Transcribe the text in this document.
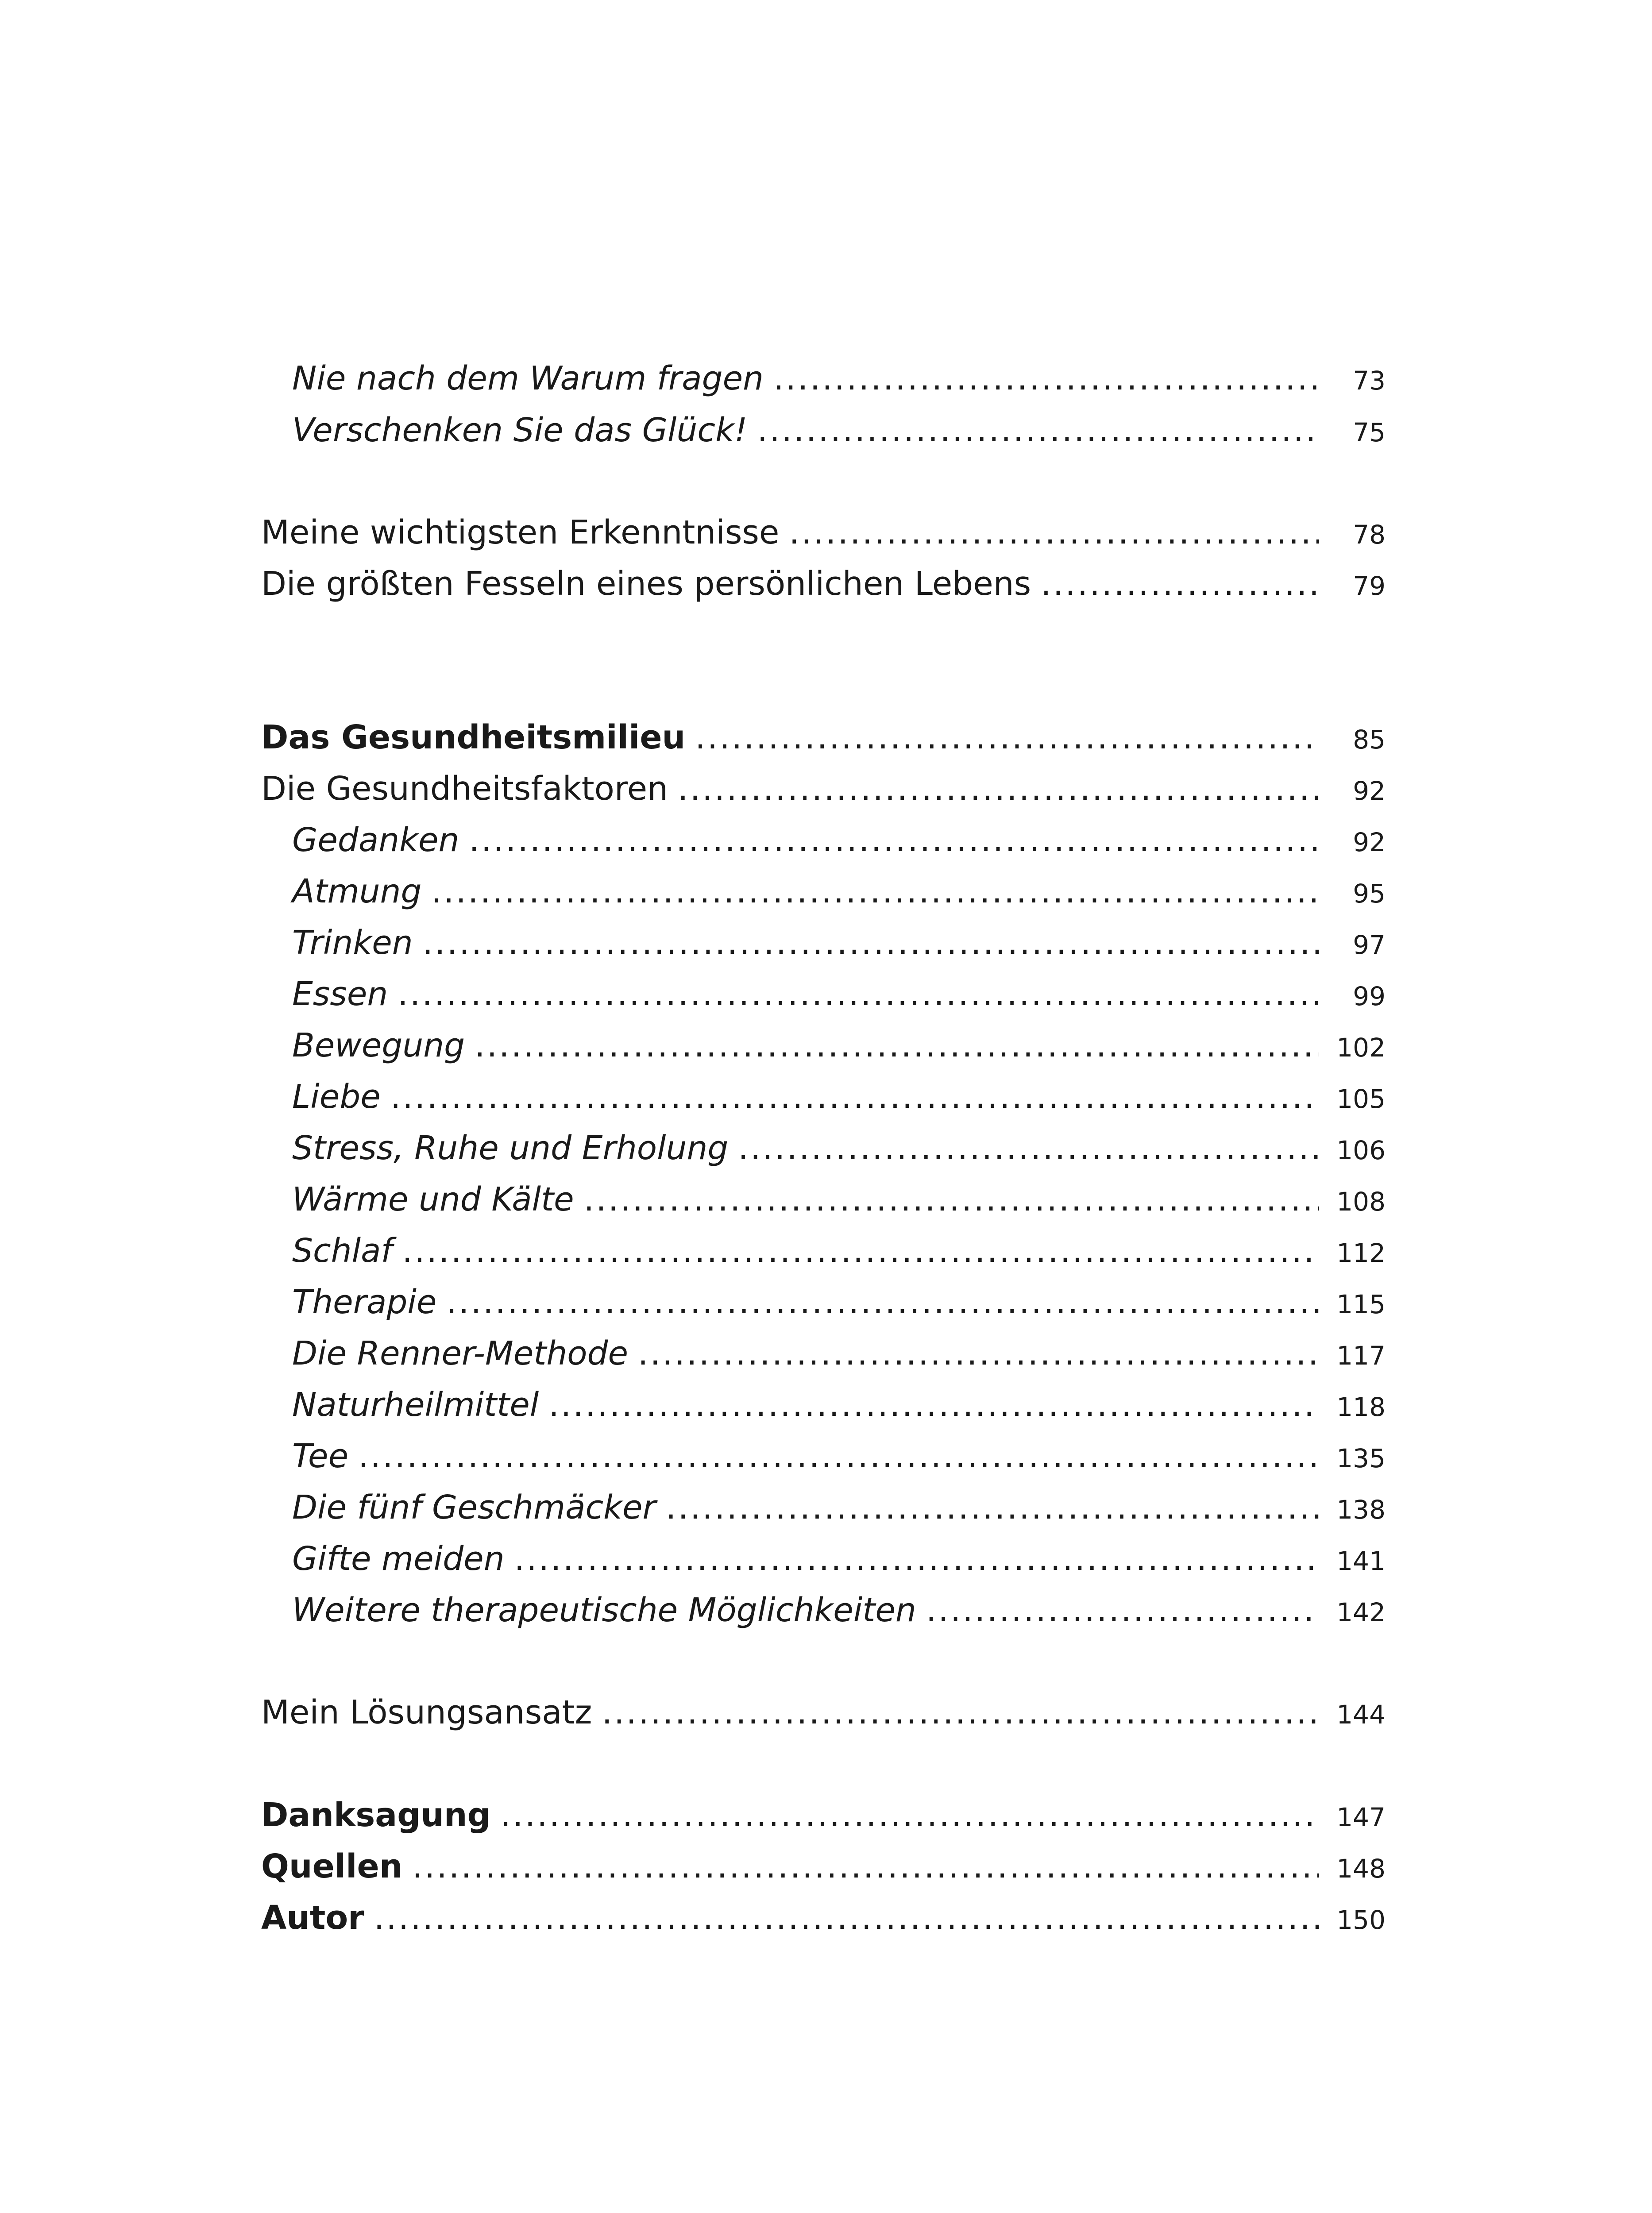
Nie nach dem Warum fragen .....	73
Verschenken Sie das Glück! .....	75
Meine wichtigsten Erkenntnisse .....	78
Die größten Fesseln eines persönlichen Lebens .....	79
Das Gesundheitsmilieu .....	85
Die Gesundheitsfaktoren .....	92
Gedanken .....	92
Atmung .....	95
Trinken .....	97
Essen .....	99
Bewegung .....	102
Liebe .....	105
Stress, Ruhe und Erholung .....	106
Wärme und Kälte .....	108
Schlaf .....	112
Therapie .....	115
Die Renner-Methode .....	117
Naturheilmittel .....	118
Tee .....	135
Die fünf Geschmäcker .....	138
Gifte meiden .....	141
Weitere therapeutische Möglichkeiten .....	142
Mein Lösungsansatz .....	144
Danksagung .....	147
Quellen .....	148
Autor .....	150
